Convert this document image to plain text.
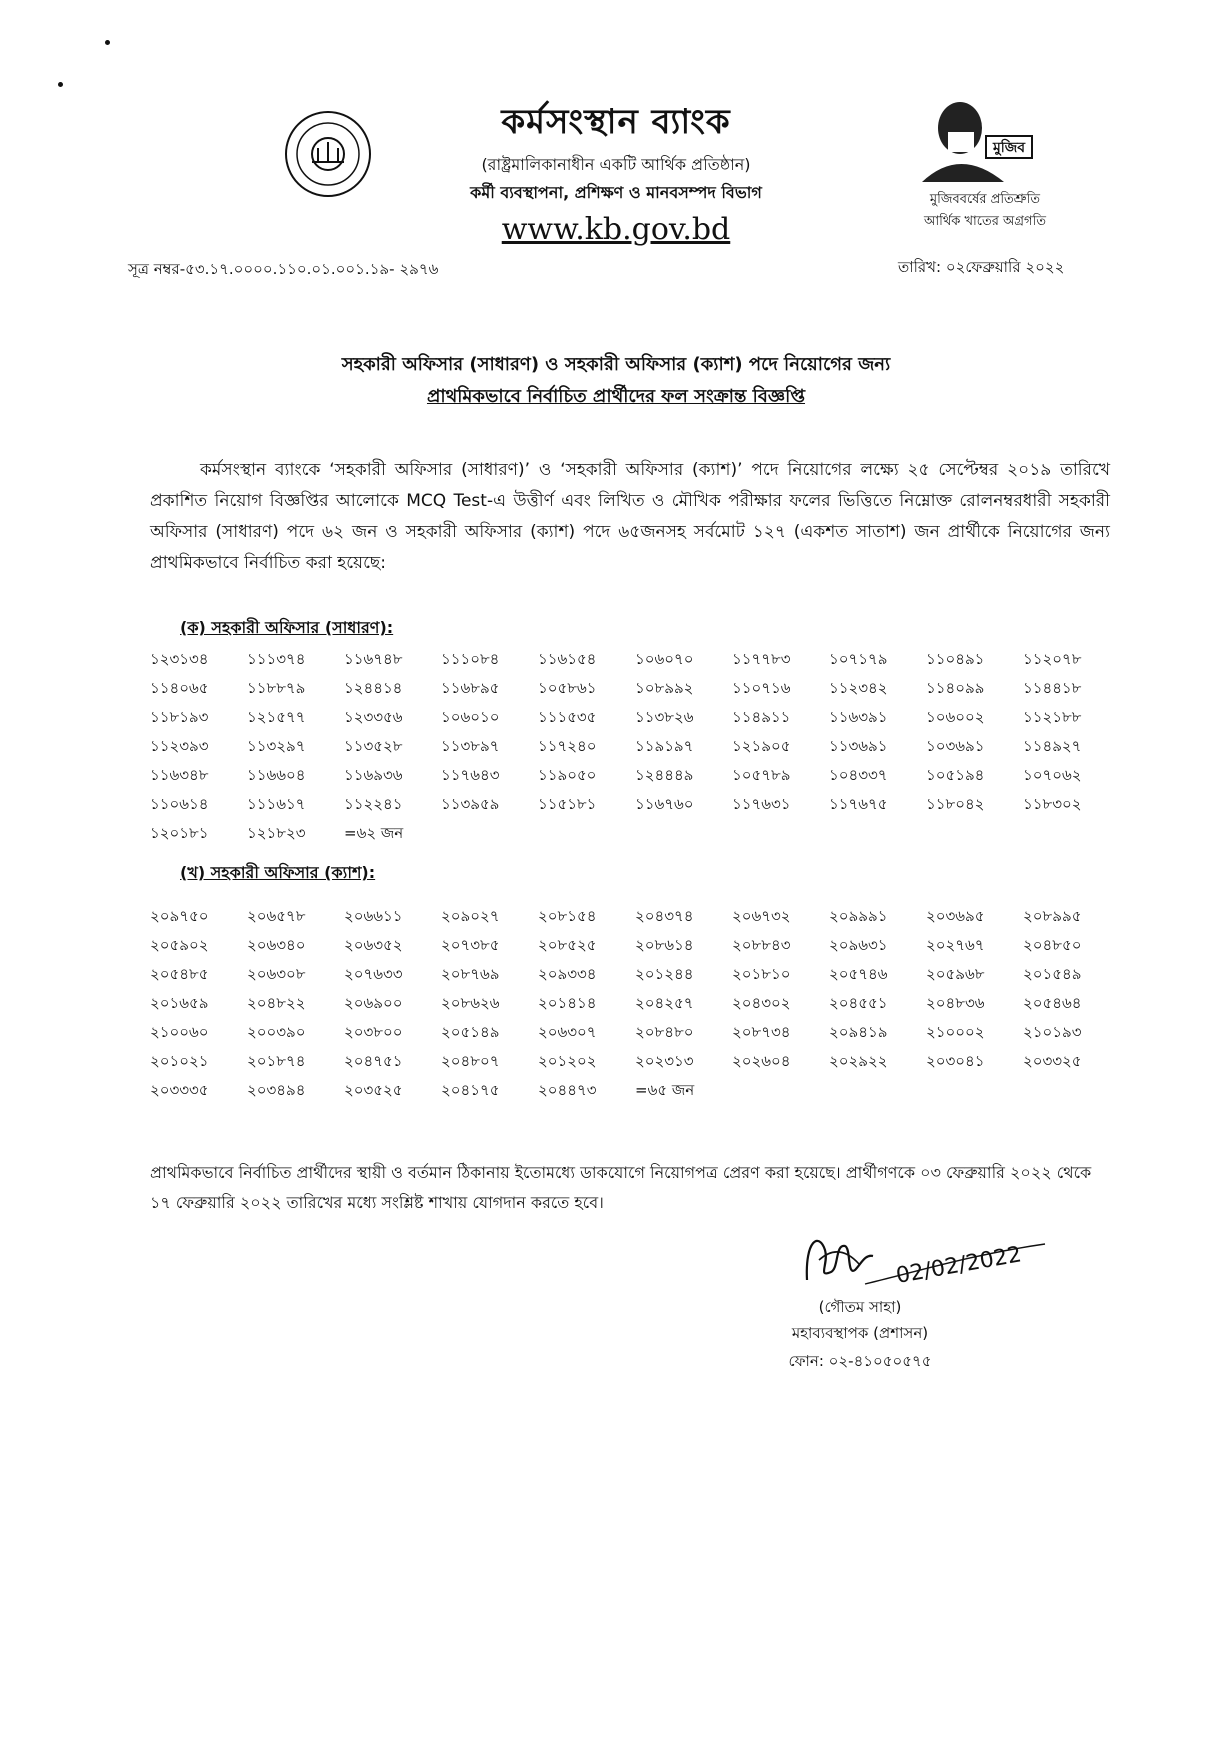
কর্মসংস্থান ব্যাংক
(রাষ্ট্রমালিকানাধীন একটি আর্থিক প্রতিষ্ঠান)
কর্মী ব্যবস্থাপনা, প্রশিক্ষণ ও মানবসম্পদ বিভাগ
www.kb.gov.bd
মুজিব
মুজিববর্ষের প্রতিশ্রুতি
আর্থিক খাতের অগ্রগতি
সূত্র নম্বর-৫৩.১৭.০০০০.১১০.০১.০০১.১৯- ২৯৭৬	তারিখ: ০২ফেব্রুয়ারি ২০২২
সহকারী অফিসার (সাধারণ) ও সহকারী অফিসার (ক্যাশ) পদে নিয়োগের জন্য
প্রাথমিকভাবে নির্বাচিত প্রার্থীদের ফল সংক্রান্ত বিজ্ঞপ্তি
কর্মসংস্থান ব্যাংকে ‘সহকারী অফিসার (সাধারণ)’ ও ‘সহকারী অফিসার (ক্যাশ)’ পদে নিয়োগের লক্ষ্যে ২৫ সেপ্টেম্বর ২০১৯ তারিখে প্রকাশিত নিয়োগ বিজ্ঞপ্তির আলোকে MCQ Test-এ উত্তীর্ণ এবং লিখিত ও মৌখিক পরীক্ষার ফলের ভিত্তিতে নিম্নোক্ত রোলনম্বরধারী সহকারী অফিসার (সাধারণ) পদে ৬২ জন ও সহকারী অফিসার (ক্যাশ) পদে ৬৫জনসহ সর্বমোট ১২৭ (একশত সাতাশ) জন প্রার্থীকে নিয়োগের জন্য প্রাথমিকভাবে নির্বাচিত করা হয়েছে:
(ক) সহকারী অফিসার (সাধারণ):
১২৩১৩৪	১১১৩৭৪	১১৬৭৪৮	১১১০৮৪	১১৬১৫৪	১০৬০৭০	১১৭৭৮৩	১০৭১৭৯	১১০৪৯১	১১২০৭৮
১১৪০৬৫	১১৮৮৭৯	১২৪৪১৪	১১৬৮৯৫	১০৫৮৬১	১০৮৯৯২	১১০৭১৬	১১২৩৪২	১১৪০৯৯	১১৪৪১৮
১১৮১৯৩	১২১৫৭৭	১২৩৩৫৬	১০৬০১০	১১১৫৩৫	১১৩৮২৬	১১৪৯১১	১১৬৩৯১	১০৬০০২	১১২১৮৮
১১২৩৯৩	১১৩২৯৭	১১৩৫২৮	১১৩৮৯৭	১১৭২৪০	১১৯১৯৭	১২১৯০৫	১১৩৬৯১	১০৩৬৯১	১১৪৯২৭
১১৬৩৪৮	১১৬৬০৪	১১৬৯৩৬	১১৭৬৪৩	১১৯০৫০	১২৪৪৪৯	১০৫৭৮৯	১০৪৩৩৭	১০৫১৯৪	১০৭০৬২
১১০৬১৪	১১১৬১৭	১১২২৪১	১১৩৯৫৯	১১৫১৮১	১১৬৭৬০	১১৭৬৩১	১১৭৬৭৫	১১৮০৪২	১১৮৩০২
১২০১৮১	১২১৮২৩	=৬২ জন
(খ) সহকারী অফিসার (ক্যাশ):
২০৯৭৫০	২০৬৫৭৮	২০৬৬১১	২০৯০২৭	২০৮১৫৪	২০৪৩৭৪	২০৬৭৩২	২০৯৯৯১	২০৩৬৯৫	২০৮৯৯৫
২০৫৯০২	২০৬৩৪০	২০৬৩৫২	২০৭৩৮৫	২০৮৫২৫	২০৮৬১৪	২০৮৮৪৩	২০৯৬৩১	২০২৭৬৭	২০৪৮৫০
২০৫৪৮৫	২০৬৩০৮	২০৭৬৩৩	২০৮৭৬৯	২০৯৩৩৪	২০১২৪৪	২০১৮১০	২০৫৭৪৬	২০৫৯৬৮	২০১৫৪৯
২০১৬৫৯	২০৪৮২২	২০৬৯০০	২০৮৬২৬	২০১৪১৪	২০৪২৫৭	২০৪৩০২	২০৪৫৫১	২০৪৮৩৬	২০৫৪৬৪
২১০০৬০	২০০৩৯০	২০৩৮০০	২০৫১৪৯	২০৬৩০৭	২০৮৪৮০	২০৮৭৩৪	২০৯৪১৯	২১০০০২	২১০১৯৩
২০১০২১	২০১৮৭৪	২০৪৭৫১	২০৪৮০৭	২০১২০২	২০২৩১৩	২০২৬০৪	২০২৯২২	২০৩০৪১	২০৩৩২৫
২০৩৩৩৫	২০৩৪৯৪	২০৩৫২৫	২০৪১৭৫	২০৪৪৭৩	=৬৫ জন
প্রাথমিকভাবে নির্বাচিত প্রার্থীদের স্থায়ী ও বর্তমান ঠিকানায় ইতোমধ্যে ডাকযোগে নিয়োগপত্র প্রেরণ করা হয়েছে। প্রার্থীগণকে ০৩ ফেব্রুয়ারি ২০২২ থেকে ১৭ ফেব্রুয়ারি ২০২২ তারিখের মধ্যে সংশ্লিষ্ট শাখায় যোগদান করতে হবে।
02/02/2022
(গৌতম সাহা)
মহাব্যবস্থাপক (প্রশাসন)
ফোন: ০২-৪১০৫০৫৭৫
